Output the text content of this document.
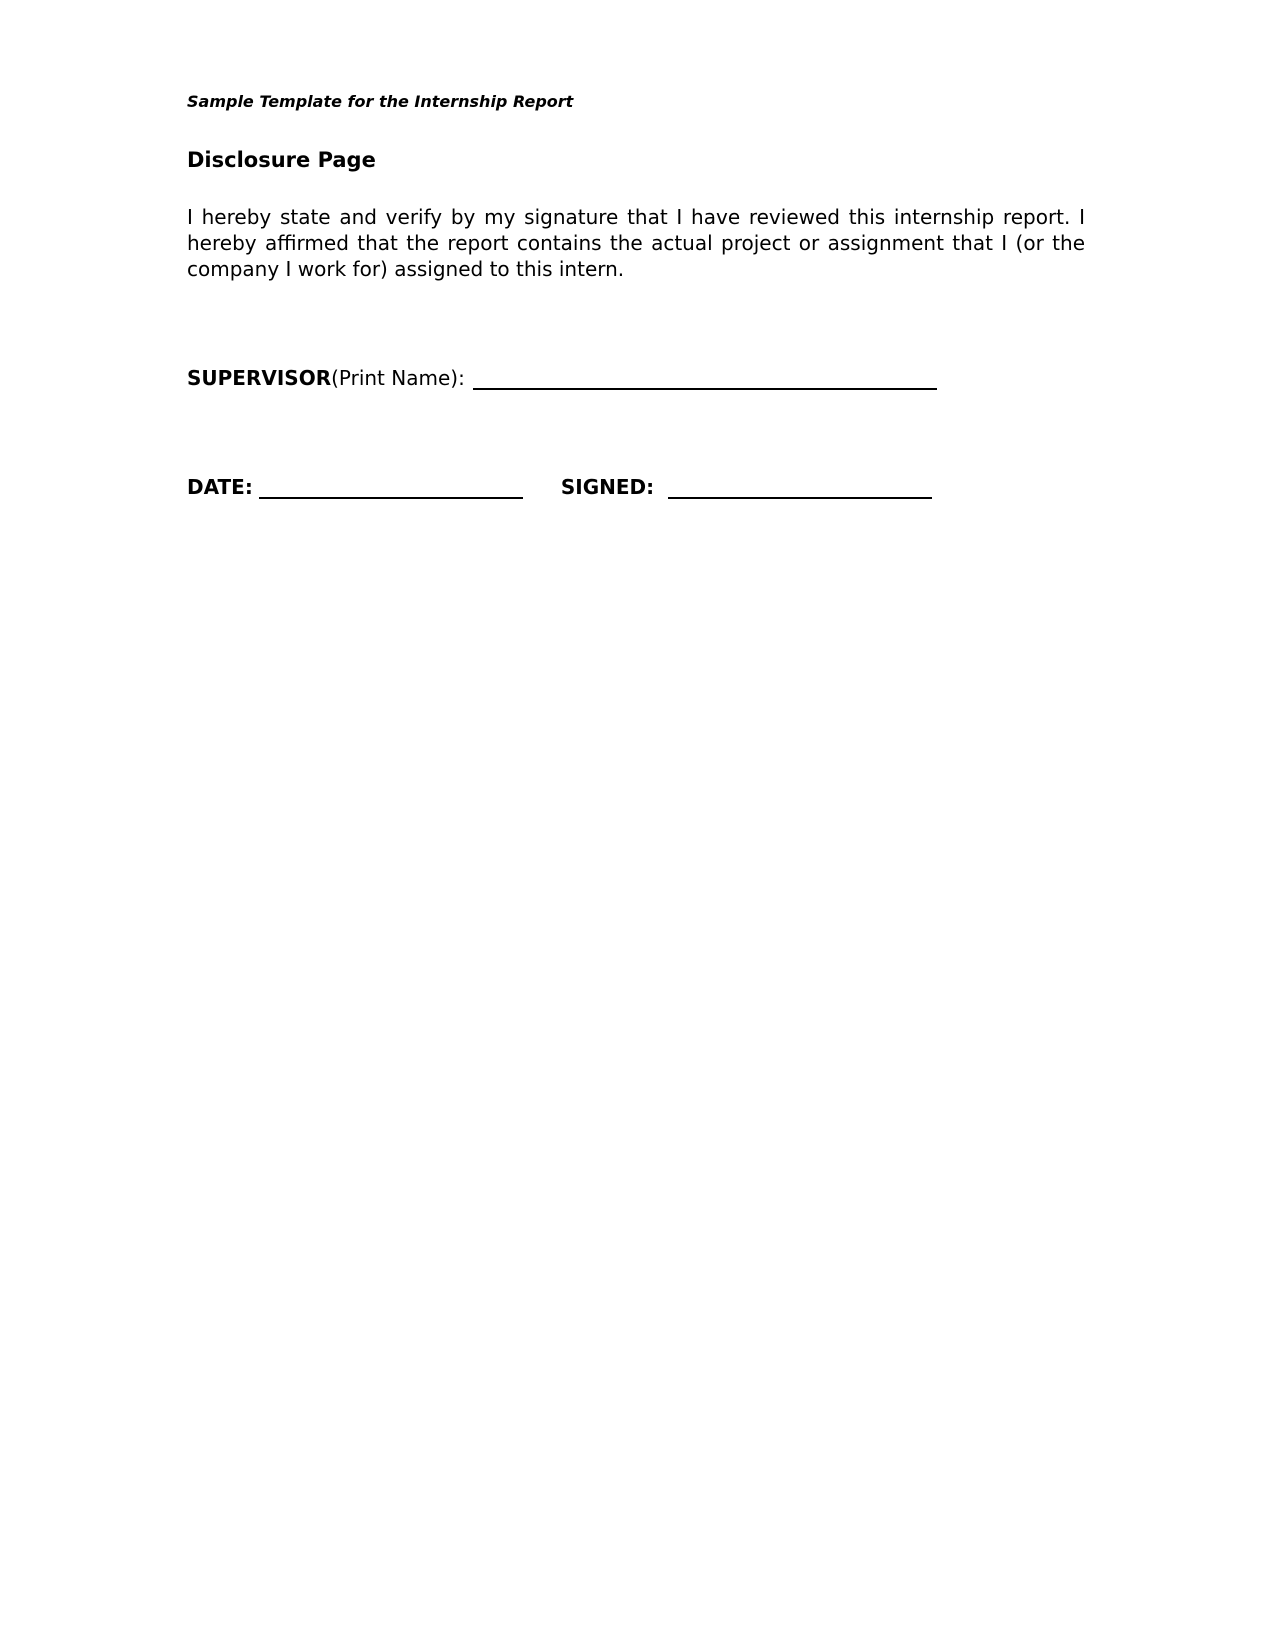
Sample Template for the Internship Report
Disclosure Page
I hereby state and verify by my signature that I have reviewed this internship report. I hereby affirmed that the report contains the actual project or assignment that I (or the company I work for) assigned to this intern.
SUPERVISOR (Print Name):
DATE:	SIGNED:
